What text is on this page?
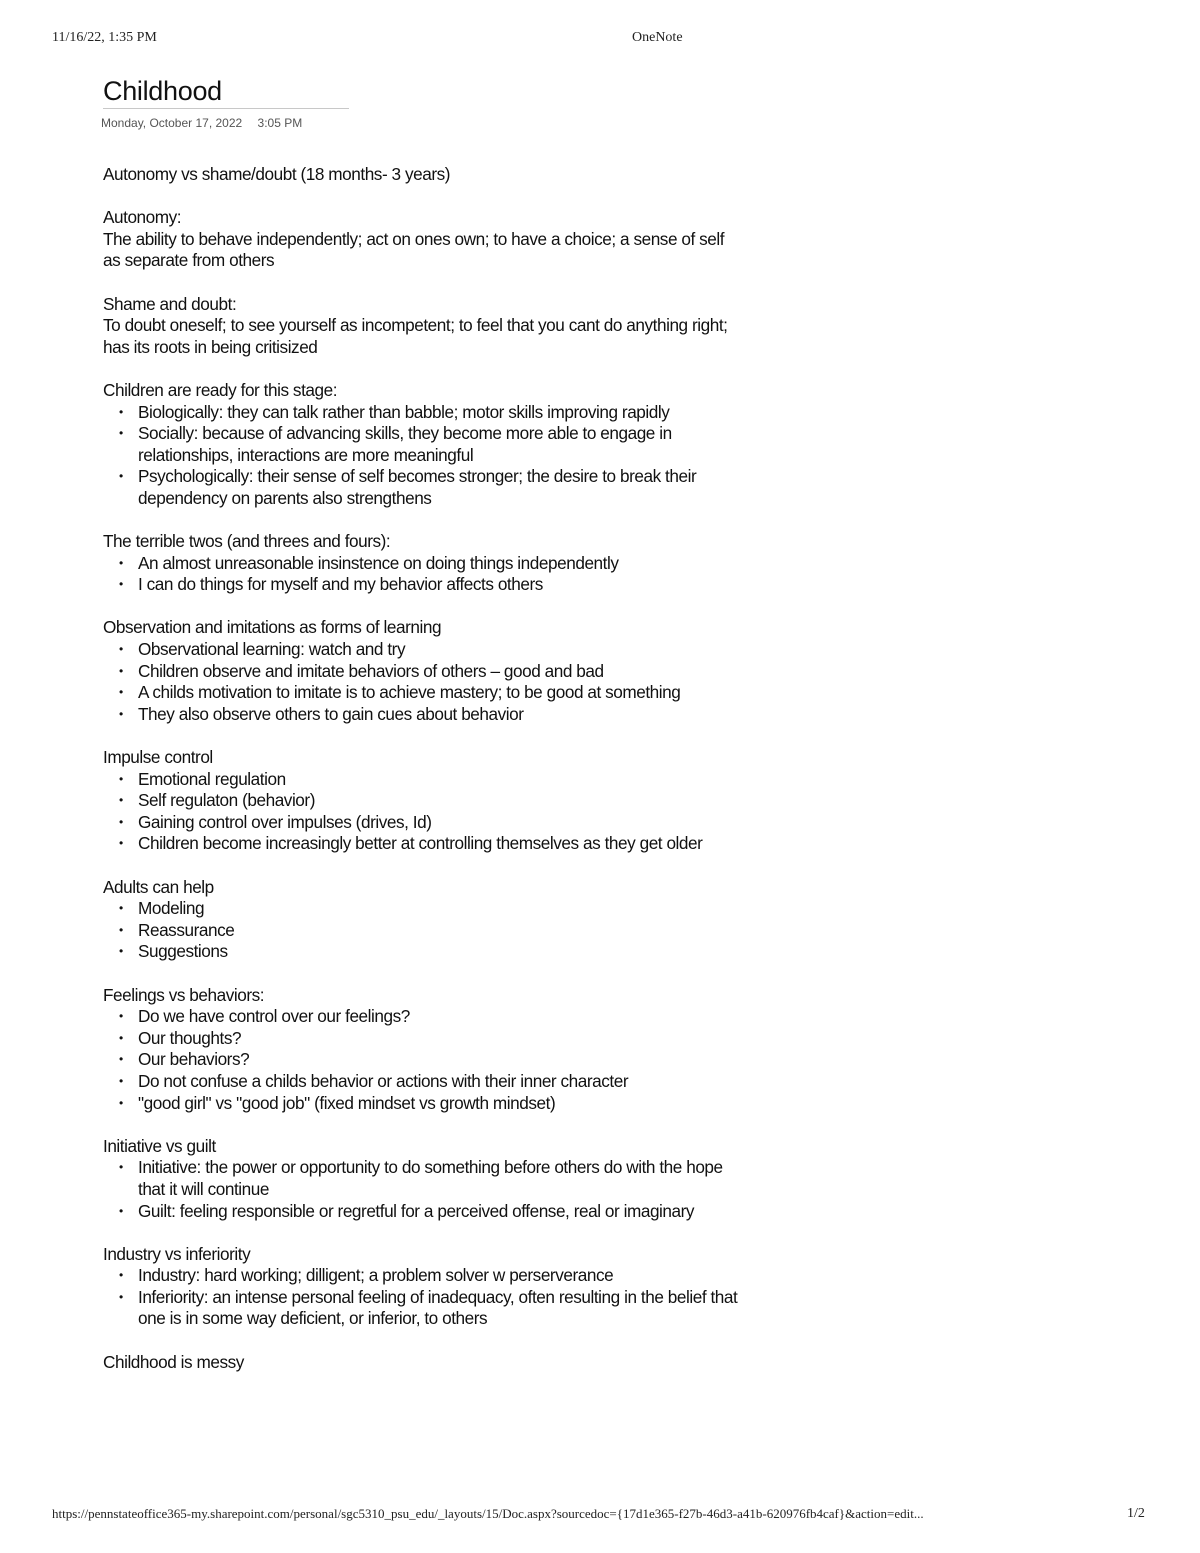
11/16/22, 1:35 PM	OneNote
Childhood
Monday, October 17, 2022 3:05 PM

Autonomy vs shame/doubt (18 months- 3 years)

Autonomy:
The ability to behave independently; act on ones own; to have a choice; a sense of self as separate from others
Shame and doubt:
To doubt oneself; to see yourself as incompetent; to feel that you cant do anything right; has its roots in being critisized
Children are ready for this stage:
• Biologically: they can talk rather than babble; motor skills improving rapidly
• Socially: because of advancing skills, they become more able to engage in relationships, interactions are more meaningful
• Psychologically: their sense of self becomes stronger; the desire to break their dependency on parents also strengthens
The terrible twos (and threes and fours):
• An almost unreasonable insinstence on doing things independently
• I can do things for myself and my behavior affects others
Observation and imitations as forms of learning
• Observational learning: watch and try
• Children observe and imitate behaviors of others – good and bad
• A childs motivation to imitate is to achieve mastery; to be good at something
• They also observe others to gain cues about behavior
Impulse control
• Emotional regulation
• Self regulaton (behavior)
• Gaining control over impulses (drives, Id)
• Children become increasingly better at controlling themselves as they get older
Adults can help
• Modeling
• Reassurance
• Suggestions
Feelings vs behaviors:
• Do we have control over our feelings?
• Our thoughts?
• Our behaviors?
• Do not confuse a childs behavior or actions with their inner character
• "good girl" vs "good job" (fixed mindset vs growth mindset)
Initiative vs guilt
• Initiative: the power or opportunity to do something before others do with the hope that it will continue
• Guilt: feeling responsible or regretful for a perceived offense, real or imaginary
Industry vs inferiority
• Industry: hard working; dilligent; a problem solver w perserverance
• Inferiority: an intense personal feeling of inadequacy, often resulting in the belief that one is in some way deficient, or inferior, to others

Childhood is messy

https://pennstateoffice365-my.sharepoint.com/personal/sgc5310_psu_edu/_layouts/15/Doc.aspx?sourcedoc={17d1e365-f27b-46d3-a41b-620976fb4caf}&action=edit...	1/2
